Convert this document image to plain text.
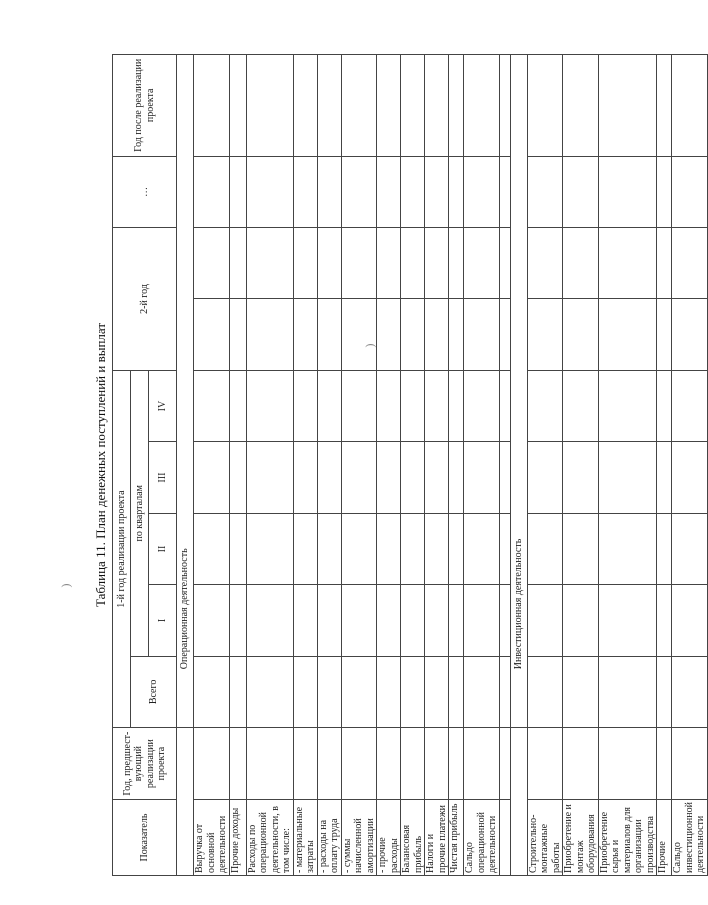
)
)
Таблица 11. План денежных поступлений и выплат
Показатель	Год, предшест-вующий реализации проекта	1-й год реализации проекта					2-й год		…	Год после реализации проекта
		Всего	по кварталам							
			I	II	III	IV				
		Операционная деятельность								
Выручка от основной деятельности										
Прочие доходы										
Расходы по операционной деятельности, в том числе:										
- материальные затраты										
- расходы на оплату труда										
- суммы начисленной амортизации										
- прочие расходы										
Балансовая прибыль										
Налоги и прочие платежи										
Чистая прибыль										
Сальдо операционной деятельности										

		Инвестиционная деятельность								
Строительно-монтажные работы										
Приобретение и монтаж оборудования										
Приобретение сырья и материалов для организации производства										
Прочие										
Сальдо инвестиционной деятельности										
